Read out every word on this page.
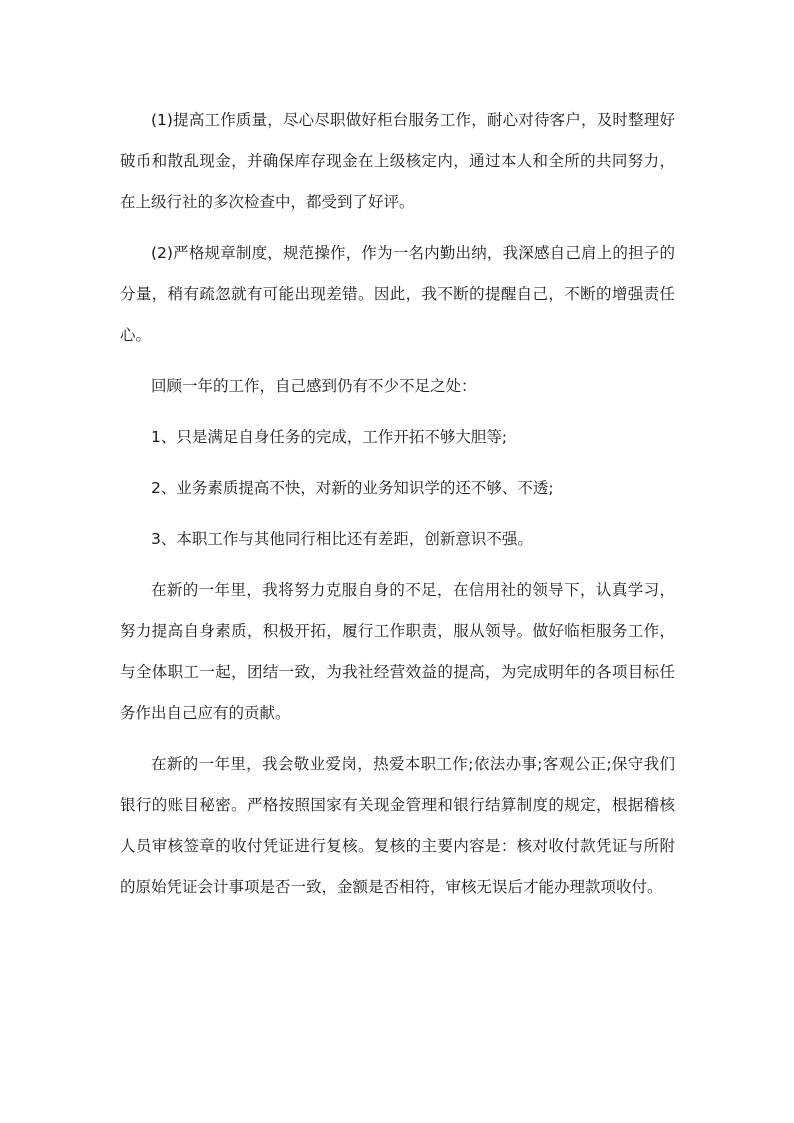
(1)提高工作质量，尽心尽职做好柜台服务工作，耐心对待客户，及时整理好破币和散乱现金，并确保库存现金在上级核定内，通过本人和全所的共同努力，在上级行社的多次检查中，都受到了好评。

(2)严格规章制度，规范操作，作为一名内勤出纳，我深感自己肩上的担子的分量，稍有疏忽就有可能出现差错。因此，我不断的提醒自己，不断的增强责任心。

回顾一年的工作，自己感到仍有不少不足之处：

1、只是满足自身任务的完成，工作开拓不够大胆等;

2、业务素质提高不快，对新的业务知识学的还不够、不透;

3、本职工作与其他同行相比还有差距，创新意识不强。

在新的一年里，我将努力克服自身的不足，在信用社的领导下，认真学习，努力提高自身素质，积极开拓，履行工作职责，服从领导。做好临柜服务工作，与全体职工一起，团结一致，为我社经营效益的提高，为完成明年的各项目标任务作出自己应有的贡献。

在新的一年里，我会敬业爱岗，热爱本职工作;依法办事;客观公正;保守我们银行的账目秘密。严格按照国家有关现金管理和银行结算制度的规定，根据稽核人员审核签章的收付凭证进行复核。复核的主要内容是：核对收付款凭证与所附的原始凭证会计事项是否一致，金额是否相符，审核无误后才能办理款项收付。
